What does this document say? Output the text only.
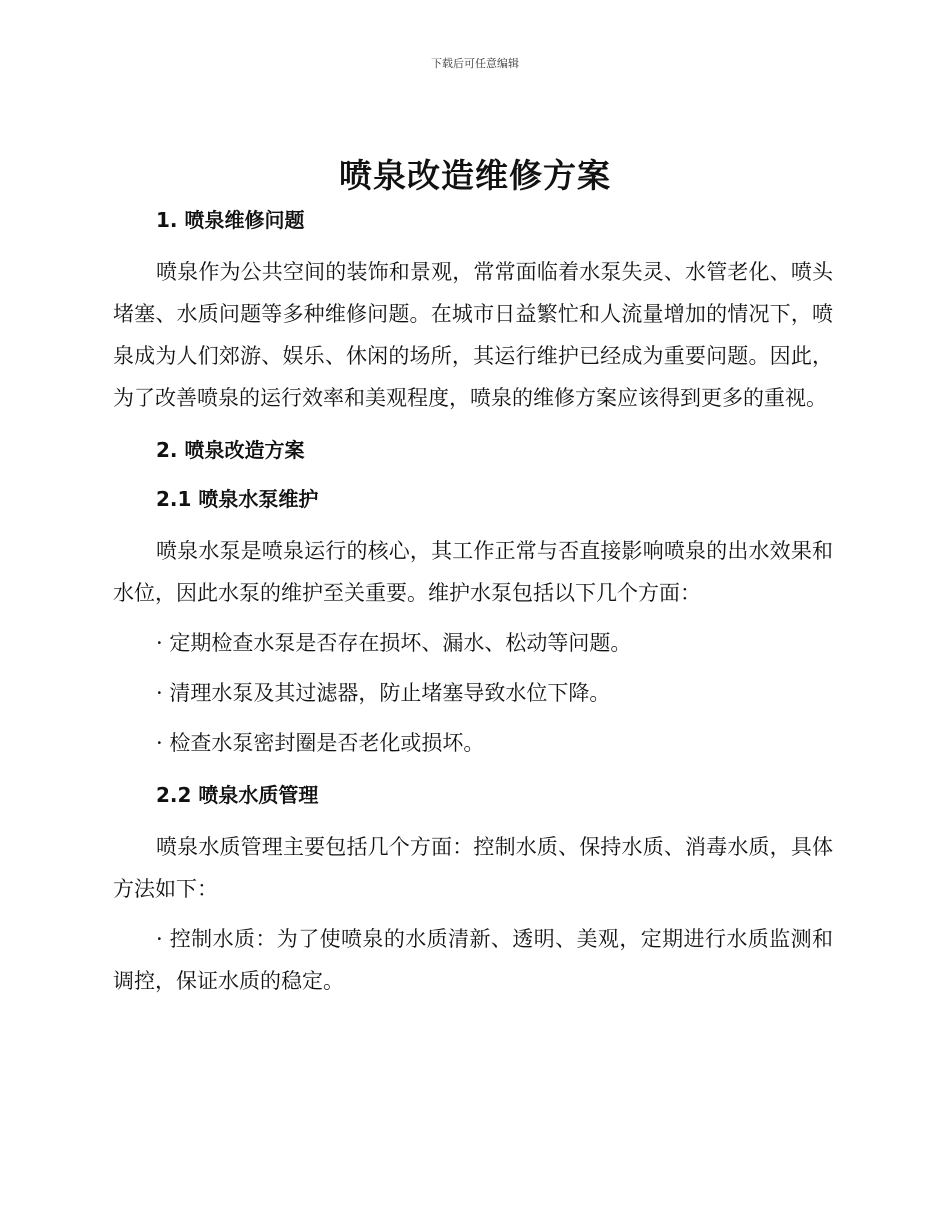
下载后可任意编辑
喷泉改造维修方案

1. 喷泉维修问题

喷泉作为公共空间的装饰和景观，常常面临着水泵失灵、水管老化、喷头堵塞、水质问题等多种维修问题。在城市日益繁忙和人流量增加的情况下，喷泉成为人们郊游、娱乐、休闲的场所，其运行维护已经成为重要问题。因此，为了改善喷泉的运行效率和美观程度，喷泉的维修方案应该得到更多的重视。

2. 喷泉改造方案

2.1 喷泉水泵维护

喷泉水泵是喷泉运行的核心，其工作正常与否直接影响喷泉的出水效果和水位，因此水泵的维护至关重要。维护水泵包括以下几个方面：

· 定期检查水泵是否存在损坏、漏水、松动等问题。

· 清理水泵及其过滤器，防止堵塞导致水位下降。

· 检查水泵密封圈是否老化或损坏。

2.2 喷泉水质管理

喷泉水质管理主要包括几个方面：控制水质、保持水质、消毒水质，具体方法如下：

· 控制水质：为了使喷泉的水质清新、透明、美观，定期进行水质监测和调控，保证水质的稳定。
